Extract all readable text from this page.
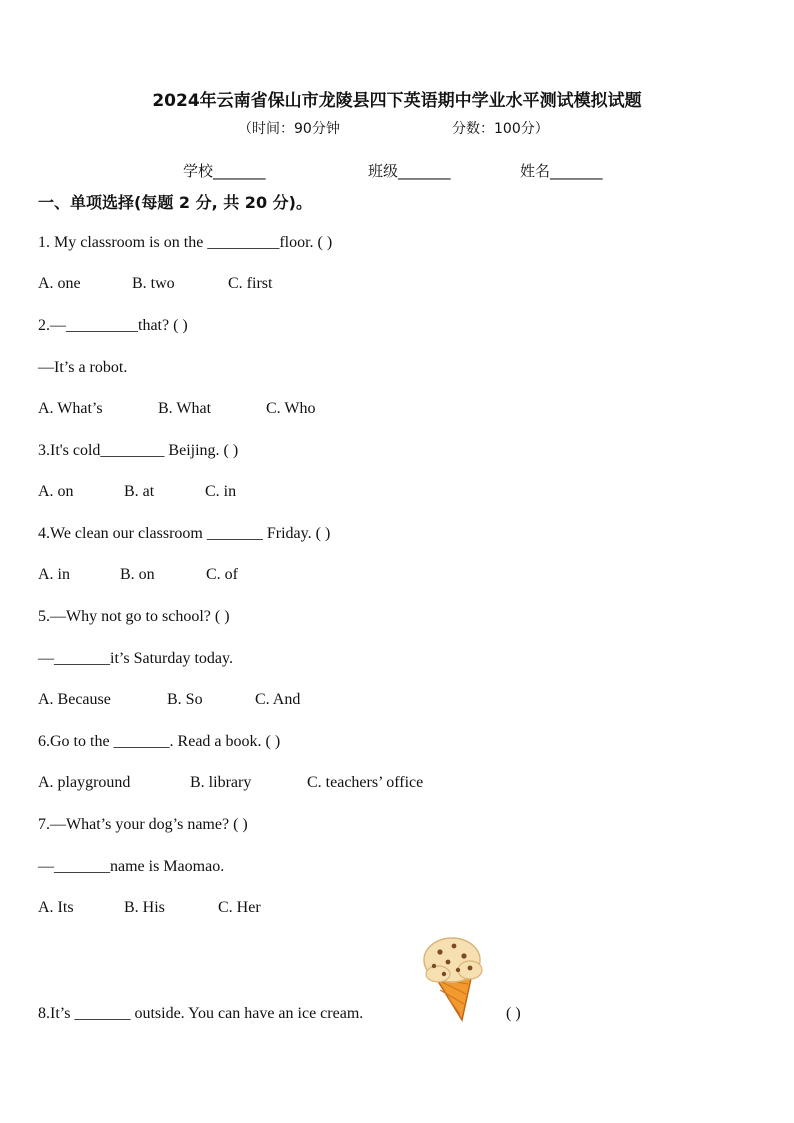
2024年云南省保山市龙陵县四下英语期中学业水平测试模拟试题
（时间：90分钟	分数：100分）
学校_______	班级_______	姓名_______
一、单项选择(每题 2 分, 共 20 分)。
1. My classroom is on the _________floor. ( )
A. one	B. two	C. first
2.—_________that? ( )
—It’s a robot.
A. What’s	B. What	C. Who
3.It's cold________ Beijing. ( )
A. on	B. at	C. in
4.We clean our classroom _______ Friday. ( )
A. in	B. on	C. of
5.—Why not go to school? ( )
—_______it’s Saturday today.
A. Because	B. So	C. And
6.Go to the _______. Read a book. ( )
A. playground	B. library	C. teachers’ office
7.—What’s your dog’s name? ( )
—_______name is Maomao.
A. Its	B. His	C. Her
8.It’s _______ outside. You can have an ice cream.	( )
